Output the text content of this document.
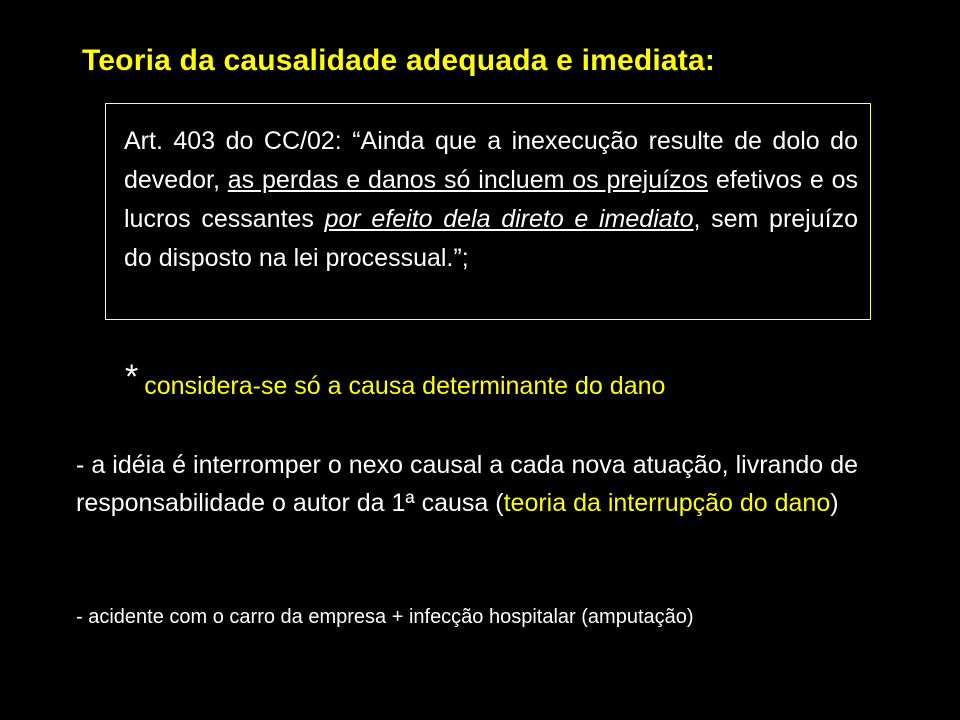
Teoria da causalidade adequada e imediata:
Art. 403 do CC/02: “Ainda que a inexecução resulte de dolo do devedor, as perdas e danos só incluem os prejuízos efetivos e os lucros cessantes por efeito dela direto e imediato, sem prejuízo do disposto na lei processual.”;
* considera-se só a causa determinante do dano
- a idéia é interromper o nexo causal a cada nova atuação, livrando de responsabilidade o autor da 1ª causa (teoria da interrupção do dano)
- acidente com o carro da empresa + infecção hospitalar (amputação)
